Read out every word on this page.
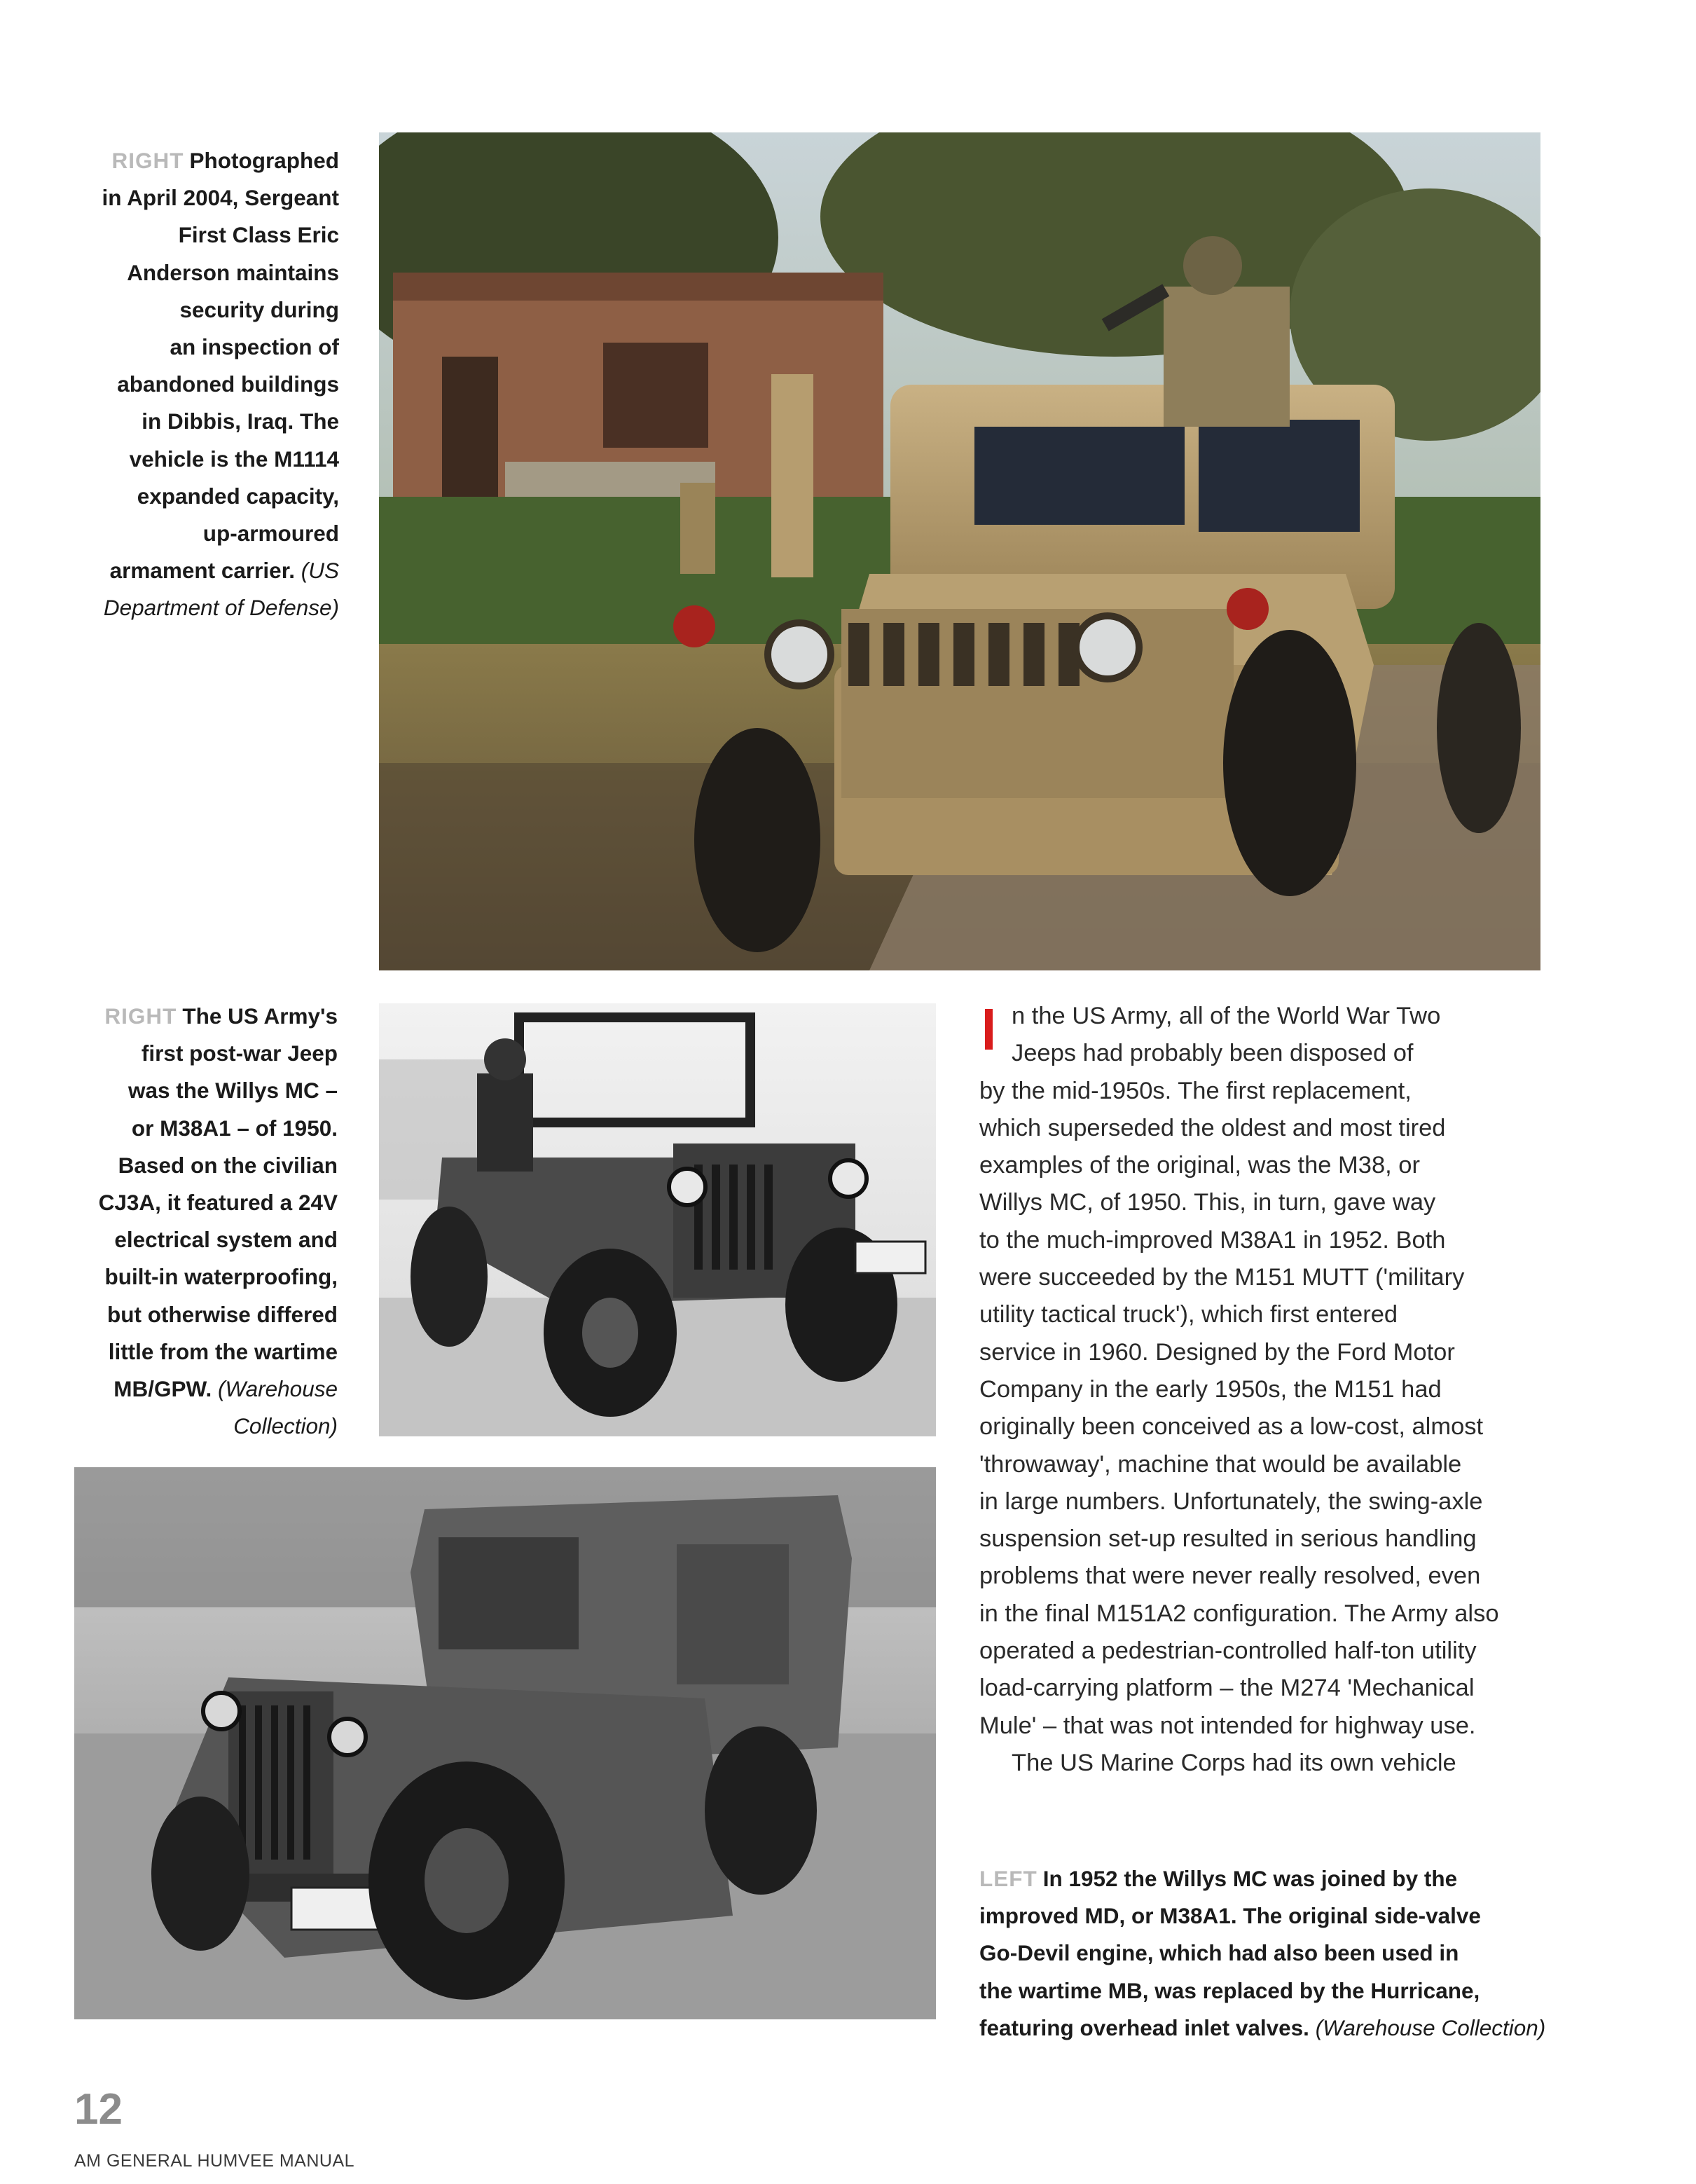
RIGHT Photographed
in April 2004, Sergeant
First Class Eric
Anderson maintains
security during
an inspection of
abandoned buildings
in Dibbis, Iraq. The
vehicle is the M1114
expanded capacity,
up-armoured
armament carrier. (US
Department of Defense)
RIGHT The US Army's
first post-war Jeep
was the Willys MC –
or M38A1 – of 1950.
Based on the civilian
CJ3A, it featured a 24V
electrical system and
built-in waterproofing,
but otherwise differed
little from the wartime
MB/GPW. (Warehouse
Collection)
n the US Army, all of the World War Two
Jeeps had probably been disposed of
by the mid-1950s. The first replacement,
which superseded the oldest and most tired
examples of the original, was the M38, or
Willys MC, of 1950. This, in turn, gave way
to the much-improved M38A1 in 1952. Both
were succeeded by the M151 MUTT ('military
utility tactical truck'), which first entered
service in 1960. Designed by the Ford Motor
Company in the early 1950s, the M151 had
originally been conceived as a low-cost, almost
'throwaway', machine that would be available
in large numbers. Unfortunately, the swing-axle
suspension set-up resulted in serious handling
problems that were never really resolved, even
in the final M151A2 configuration. The Army also
operated a pedestrian-controlled half-ton utility
load-carrying platform – the M274 'Mechanical
Mule' – that was not intended for highway use.
The US Marine Corps had its own vehicle
LEFT In 1952 the Willys MC was joined by the
improved MD, or M38A1. The original side-valve
Go-Devil engine, which had also been used in
the wartime MB, was replaced by the Hurricane,
featuring overhead inlet valves. (Warehouse Collection)
12
AM GENERAL HUMVEE MANUAL
